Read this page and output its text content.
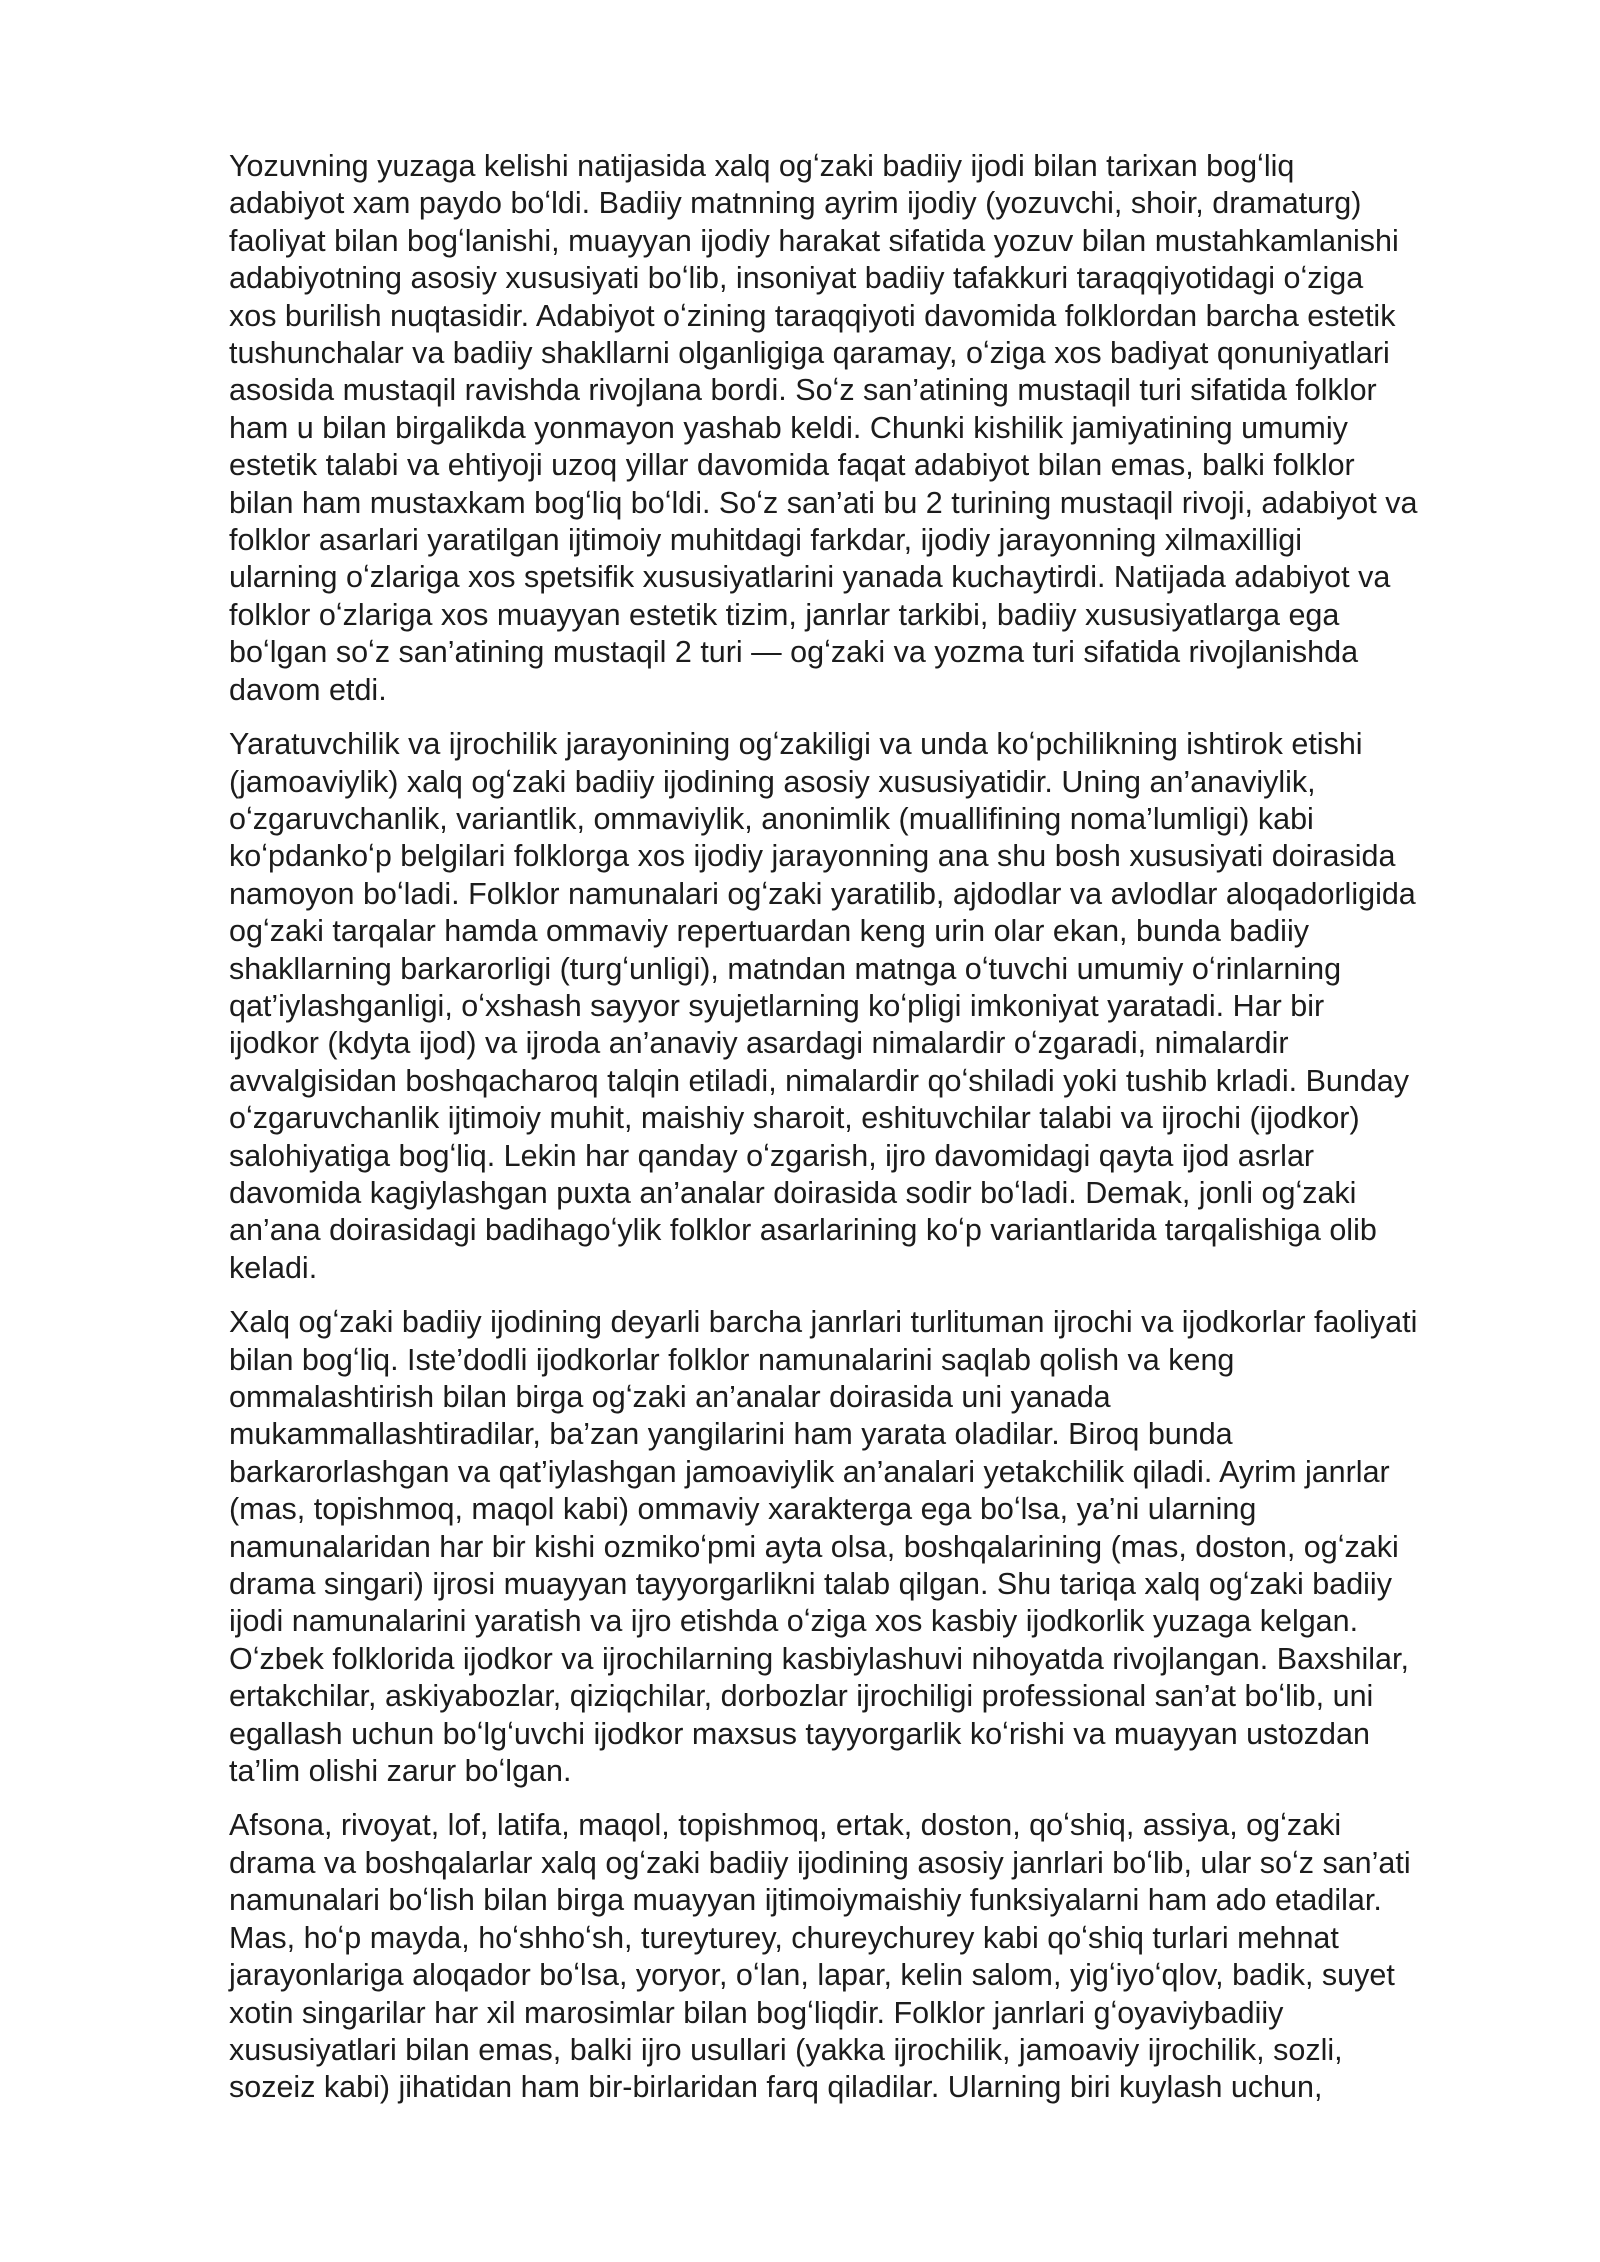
Yozuvning yuzaga kelishi natijasida xalq ogʻzaki badiiy ijodi bilan tarixan bogʻliq
adabiyot xam paydo boʻldi. Badiiy matnning ayrim ijodiy (yozuvchi, shoir, dramaturg)
faoliyat bilan bogʻlanishi, muayyan ijodiy harakat sifatida yozuv bilan mustahkamlanishi
adabiyotning asosiy xususiyati boʻlib, insoniyat badiiy tafakkuri taraqqiyotidagi oʻziga
xos burilish nuqtasidir. Adabiyot oʻzining taraqqiyoti davomida folklordan barcha estetik
tushunchalar va badiiy shakllarni olganligiga qaramay, oʻziga xos badiyat qonuniyatlari
asosida mustaqil ravishda rivojlana bordi. Soʻz san’atining mustaqil turi sifatida folklor
ham u bilan birgalikda yonmayon yashab keldi. Chunki kishilik jamiyatining umumiy
estetik talabi va ehtiyoji uzoq yillar davomida faqat adabiyot bilan emas, balki folklor
bilan ham mustaxkam bogʻliq boʻldi. Soʻz san’ati bu 2 turining mustaqil rivoji, adabiyot va
folklor asarlari yaratilgan ijtimoiy muhitdagi farkdar, ijodiy jarayonning xilmaxilligi
ularning oʻzlariga xos spetsifik xususiyatlarini yanada kuchaytirdi. Natijada adabiyot va
folklor oʻzlariga xos muayyan estetik tizim, janrlar tarkibi, badiiy xususiyatlarga ega
boʻlgan soʻz san’atining mustaqil 2 turi — ogʻzaki va yozma turi sifatida rivojlanishda
davom etdi.

Yaratuvchilik va ijrochilik jarayonining ogʻzakiligi va unda koʻpchilikning ishtirok etishi
(jamoaviylik) xalq ogʻzaki badiiy ijodining asosiy xususiyatidir. Uning an’anaviylik,
oʻzgaruvchanlik, variantlik, ommaviylik, anonimlik (muallifining noma’lumligi) kabi
koʻpdankoʻp belgilari folklorga xos ijodiy jarayonning ana shu bosh xususiyati doirasida
namoyon boʻladi. Folklor namunalari ogʻzaki yaratilib, ajdodlar va avlodlar aloqadorligida
ogʻzaki tarqalar hamda ommaviy repertuardan keng urin olar ekan, bunda badiiy
shakllarning barkarorligi (turgʻunligi), matndan matnga oʻtuvchi umumiy oʻrinlarning
qat’iylashganligi, oʻxshash sayyor syujetlarning koʻpligi imkoniyat yaratadi. Har bir
ijodkor (kdyta ijod) va ijroda an’anaviy asardagi nimalardir oʻzgaradi, nimalardir
avvalgisidan boshqacharoq talqin etiladi, nimalardir qoʻshiladi yoki tushib krladi. Bunday
oʻzgaruvchanlik ijtimoiy muhit, maishiy sharoit, eshituvchilar talabi va ijrochi (ijodkor)
salohiyatiga bogʻliq. Lekin har qanday oʻzgarish, ijro davomidagi qayta ijod asrlar
davomida kagiylashgan puxta an’analar doirasida sodir boʻladi. Demak, jonli ogʻzaki
an’ana doirasidagi badihagoʻylik folklor asarlarining koʻp variantlarida tarqalishiga olib
keladi.

Xalq ogʻzaki badiiy ijodining deyarli barcha janrlari turlituman ijrochi va ijodkorlar faoliyati
bilan bogʻliq. Iste’dodli ijodkorlar folklor namunalarini saqlab qolish va keng
ommalashtirish bilan birga ogʻzaki an’analar doirasida uni yanada
mukammallashtiradilar, ba’zan yangilarini ham yarata oladilar. Biroq bunda
barkarorlashgan va qat’iylashgan jamoaviylik an’analari yetakchilik qiladi. Ayrim janrlar
(mas, topishmoq, maqol kabi) ommaviy xarakterga ega boʻlsa, ya’ni ularning
namunalaridan har bir kishi ozmikoʻpmi ayta olsa, boshqalarining (mas, doston, ogʻzaki
drama singari) ijrosi muayyan tayyorgarlikni talab qilgan. Shu tariqa xalq ogʻzaki badiiy
ijodi namunalarini yaratish va ijro etishda oʻziga xos kasbiy ijodkorlik yuzaga kelgan.
Oʻzbek folklorida ijodkor va ijrochilarning kasbiylashuvi nihoyatda rivojlangan. Baxshilar,
ertakchilar, askiyabozlar, qiziqchilar, dorbozlar ijrochiligi professional san’at boʻlib, uni
egallash uchun boʻlgʻuvchi ijodkor maxsus tayyorgarlik koʻrishi va muayyan ustozdan
ta’lim olishi zarur boʻlgan.

Afsona, rivoyat, lof, latifa, maqol, topishmoq, ertak, doston, qoʻshiq, assiya, ogʻzaki
drama va boshqalarlar xalq ogʻzaki badiiy ijodining asosiy janrlari boʻlib, ular soʻz san’ati
namunalari boʻlish bilan birga muayyan ijtimoiymaishiy funksiyalarni ham ado etadilar.
Mas, hoʻp mayda, hoʻshhoʻsh, tureyturey, chureychurey kabi qoʻshiq turlari mehnat
jarayonlariga aloqador boʻlsa, yoryor, oʻlan, lapar, kelin salom, yigʻiyoʻqlov, badik, suyet
xotin singarilar har xil marosimlar bilan bogʻliqdir. Folklor janrlari gʻoyaviybadiiy
xususiyatlari bilan emas, balki ijro usullari (yakka ijrochilik, jamoaviy ijrochilik, sozli,
sozeiz kabi) jihatidan ham bir-birlaridan farq qiladilar. Ularning biri kuylash uchun,
